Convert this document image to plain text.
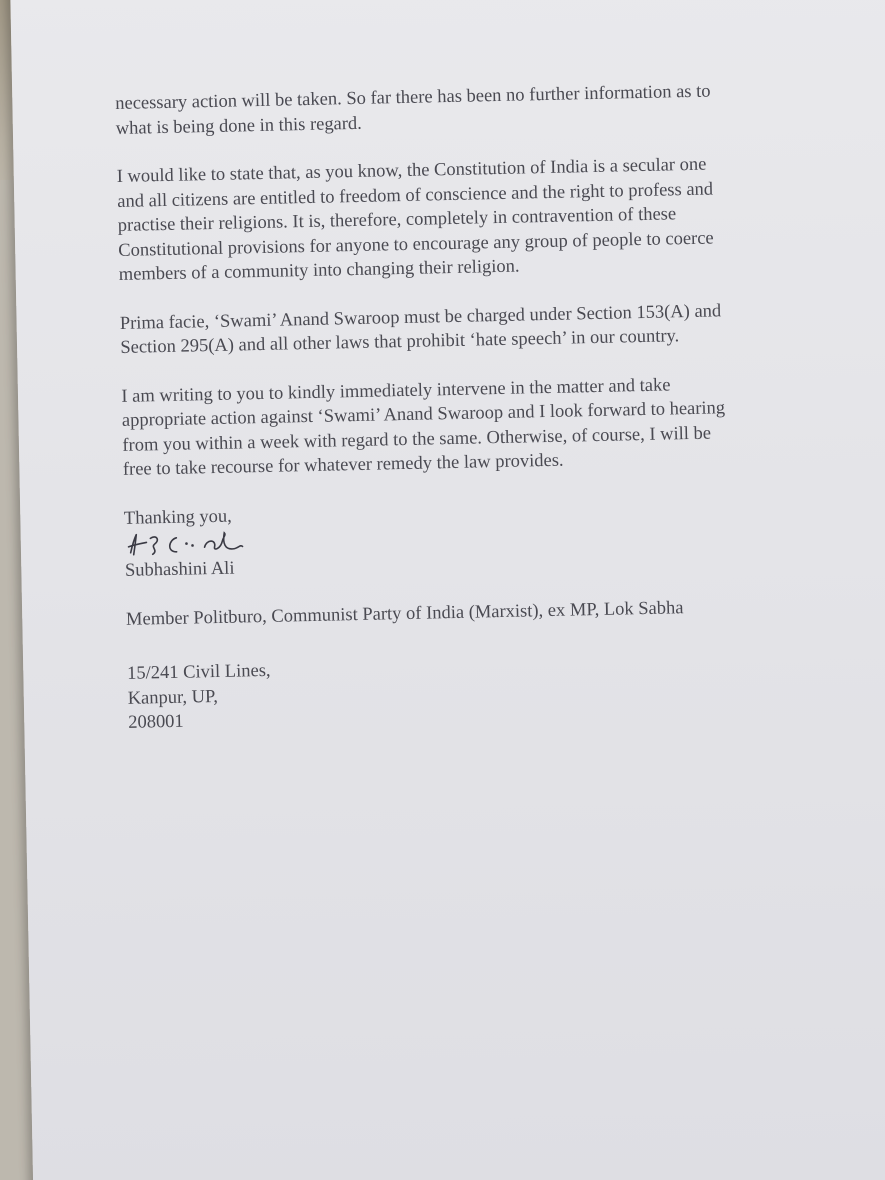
necessary action will be taken. So far there has been no further information as to
what is being done in this regard.
I would like to state that, as you know, the Constitution of India is a secular one
and all citizens are entitled to freedom of conscience and the right to profess and
practise their religions. It is, therefore, completely in contravention of these
Constitutional provisions for anyone to encourage any group of people to coerce
members of a community into changing their religion.
Prima facie, ‘Swami’ Anand Swaroop must be charged under Section 153(A) and
Section 295(A) and all other laws that prohibit ‘hate speech’ in our country.
I am writing to you to kindly immediately intervene in the matter and take
appropriate action against ‘Swami’ Anand Swaroop and I look forward to hearing
from you within a week with regard to the same. Otherwise, of course, I will be
free to take recourse for whatever remedy the law provides.
Thanking you,
Subhashini Ali
Member Politburo, Communist Party of India (Marxist), ex MP, Lok Sabha
15/241 Civil Lines,
Kanpur, UP,
208001
